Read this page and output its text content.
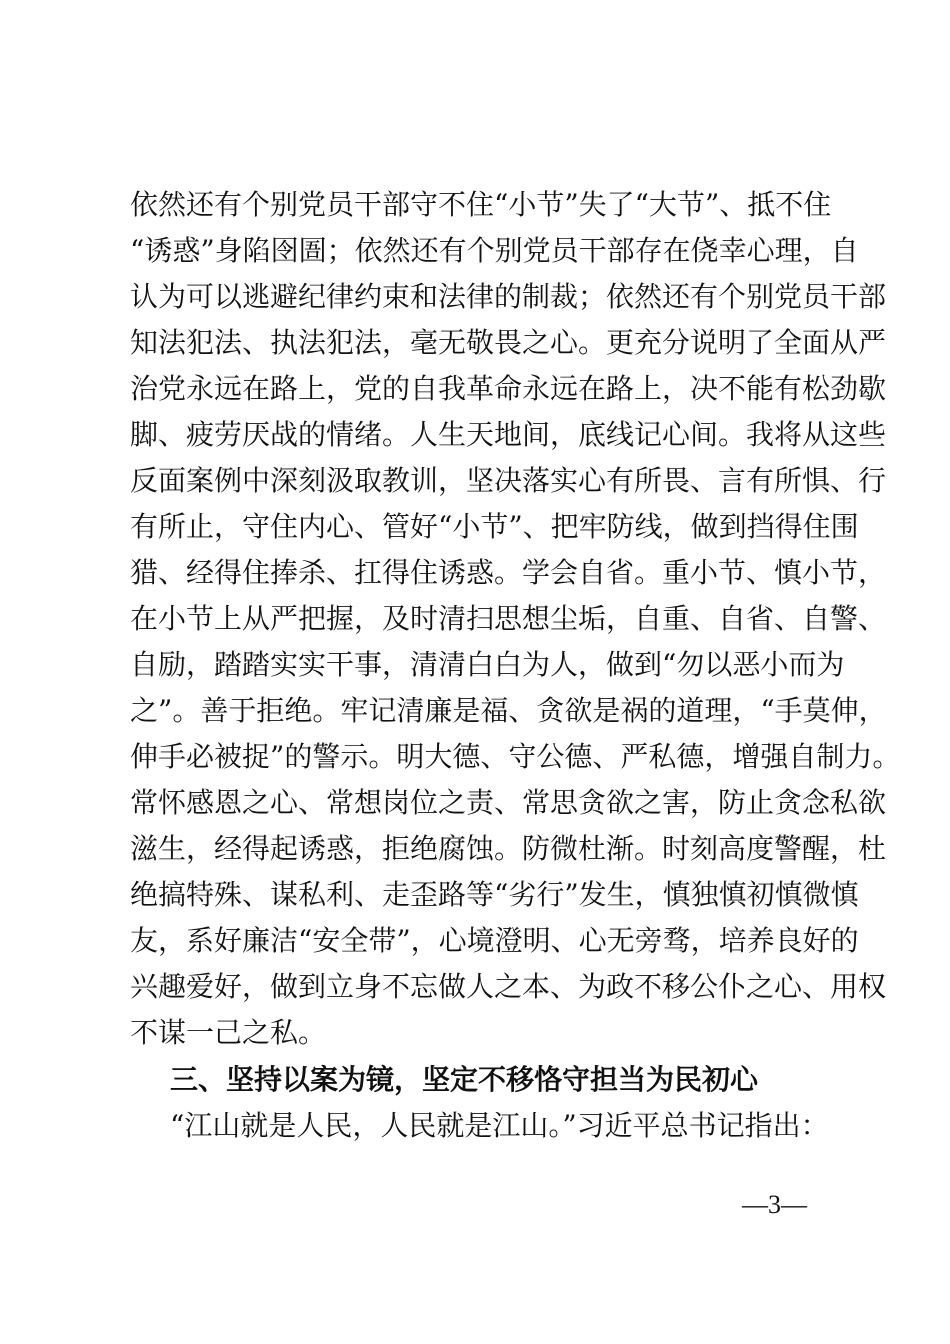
依然还有个别党员干部守不住“小节”失了“大节”、抵不住
“诱惑”身陷囹圄；依然还有个别党员干部存在侥幸心理，自
认为可以逃避纪律约束和法律的制裁；依然还有个别党员干部
知法犯法、执法犯法，毫无敬畏之心。更充分说明了全面从严
治党永远在路上，党的自我革命永远在路上，决不能有松劲歇
脚、疲劳厌战的情绪。人生天地间，底线记心间。我将从这些
反面案例中深刻汲取教训，坚决落实心有所畏、言有所惧、行
有所止，守住内心、管好“小节”、把牢防线，做到挡得住围
猎、经得住捧杀、扛得住诱惑。学会自省。重小节、慎小节，
在小节上从严把握，及时清扫思想尘垢，自重、自省、自警、
自励，踏踏实实干事，清清白白为人，做到“勿以恶小而为
之”。善于拒绝。牢记清廉是福、贪欲是祸的道理，“手莫伸，
伸手必被捉”的警示。明大德、守公德、严私德，增强自制力。
常怀感恩之心、常想岗位之责、常思贪欲之害，防止贪念私欲
滋生，经得起诱惑，拒绝腐蚀。防微杜渐。时刻高度警醒，杜
绝搞特殊、谋私利、走歪路等“劣行”发生，慎独慎初慎微慎
友，系好廉洁“安全带”，心境澄明、心无旁骛，培养良好的
兴趣爱好，做到立身不忘做人之本、为政不移公仆之心、用权
不谋一己之私。
三、坚持以案为镜，坚定不移恪守担当为民初心
“江山就是人民，人民就是江山。”习近平总书记指出：
—3—
